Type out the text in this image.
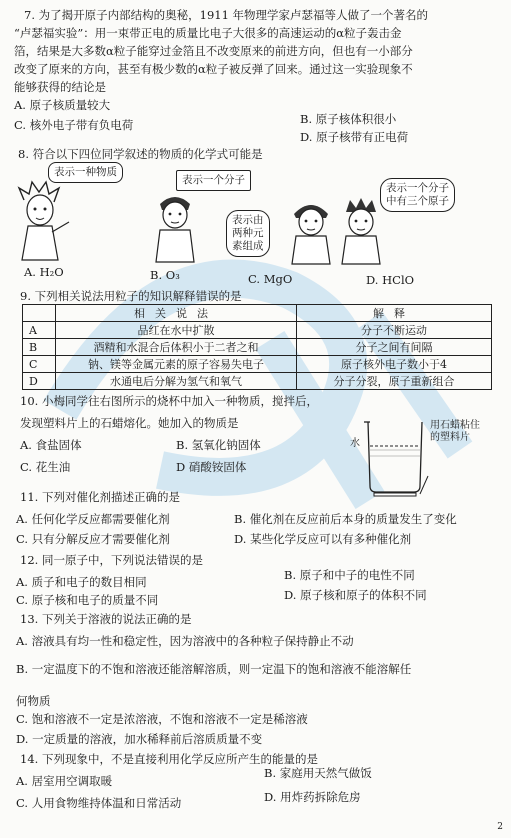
7. 为了揭开原子内部结构的奥秘，1911 年物理学家卢瑟福等人做了一个著名的
“卢瑟福实验”：用一束带正电的质量比电子大很多的高速运动的α粒子轰击金
箔，结果是大多数α粒子能穿过金箔且不改变原来的前进方向，但也有一小部分
改变了原来的方向，甚至有极少数的α粒子被反弹了回来。通过这一实验现象不
能够获得的结论是
A. 原子核质量较大
B. 原子核体积很小
C. 核外电子带有负电荷
D. 原子核带有正电荷
8. 符合以下四位同学叙述的物质的化学式可能是
表示一种物质
表示一个分子
表示由
两种元
素组成
表示一个分子
中有三个原子
A. H₂O	B. O₃	C. MgO	D. HClO
9. 下列相关说法用粒子的知识解释错误的是
	相关说法	解释
A	品红在水中扩散	分子不断运动
B	酒精和水混合后体积小于二者之和	分子之间有间隔
C	钠、镁等金属元素的原子容易失电子	原子核外电子数小于4
D	水通电后分解为氢气和氧气	分子分裂，原子重新组合
10. 小梅同学往右图所示的烧杯中加入一种物质，搅拌后，
发现塑料片上的石蜡熔化。她加入的物质是
A. 食盐固体	B. 氢氧化钠固体
C. 花生油	D 硝酸铵固体
水
用石蜡粘住
的塑料片
11. 下列对催化剂描述正确的是
A. 任何化学反应都需要催化剂	B. 催化剂在反应前后本身的质量发生了变化
C. 只有分解反应才需要催化剂	D. 某些化学反应可以有多种催化剂
12. 同一原子中，下列说法错误的是
A. 质子和电子的数目相同	B. 原子和中子的电性不同
C. 原子核和电子的质量不同	D. 原子核和原子的体积不同
13. 下列关于溶液的说法正确的是
A. 溶液具有均一性和稳定性，因为溶液中的各种粒子保持静止不动
B. 一定温度下的不饱和溶液还能溶解溶质，则一定温下的饱和溶液不能溶解任
何物质
C. 饱和溶液不一定是浓溶液，不饱和溶液不一定是稀溶液
D. 一定质量的溶液，加水稀释前后溶质质量不变
14. 下列现象中，不是直接利用化学反应所产生的能量的是
A. 居室用空调取暖
B. 家庭用天然气做饭
C. 人用食物维持体温和日常活动	D. 用炸药拆除危房
2
